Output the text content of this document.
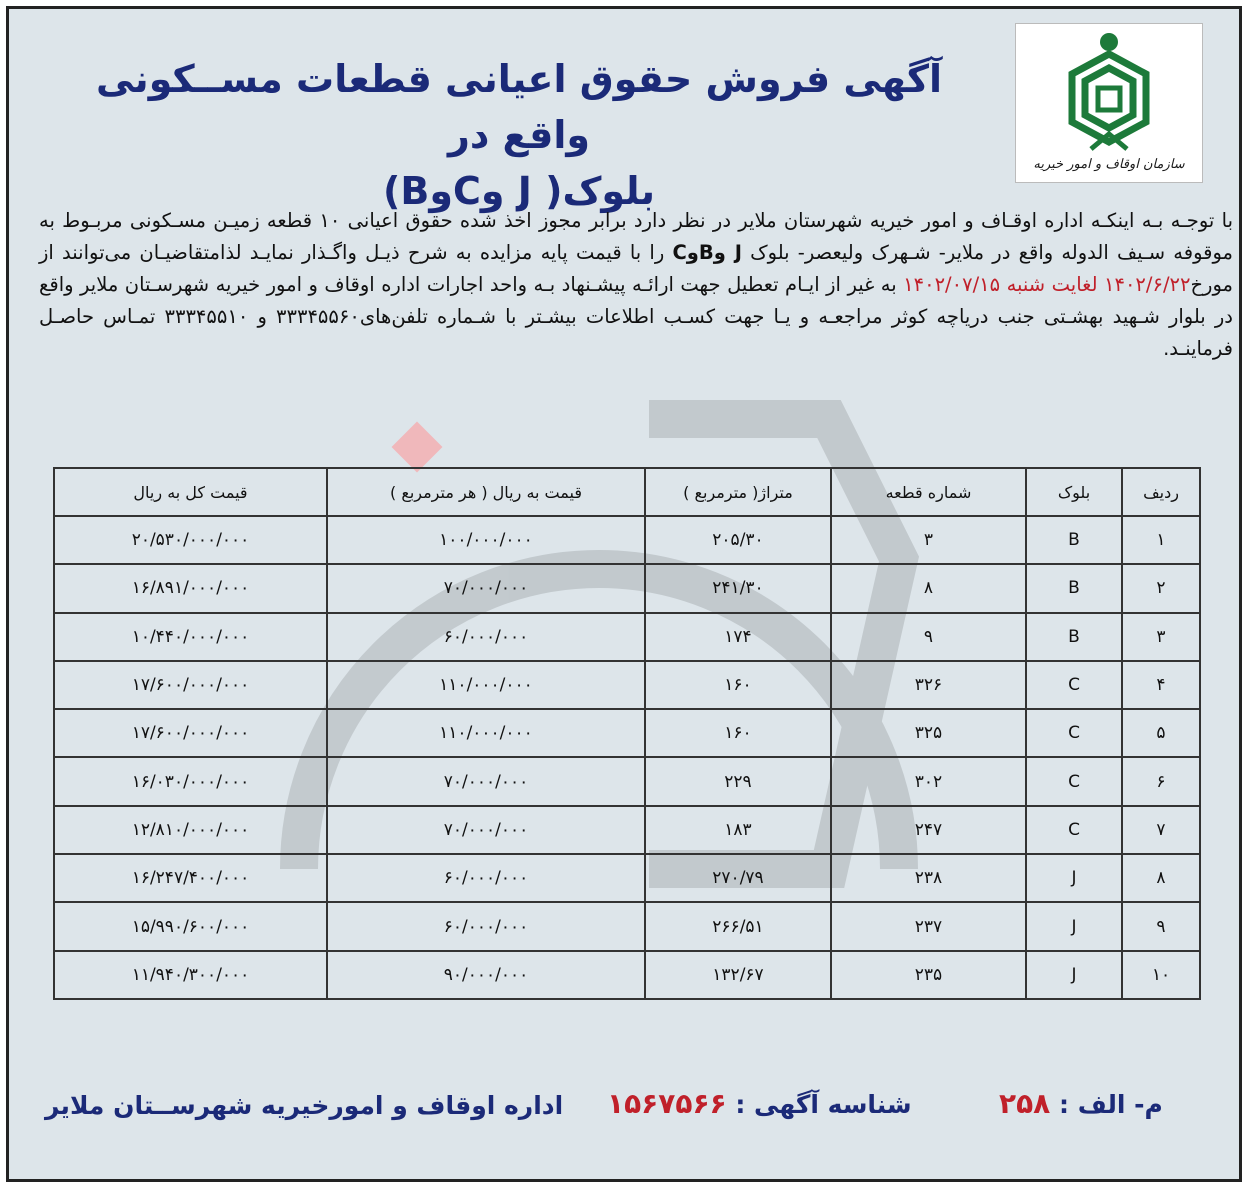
سازمان اوقاف و امور خیریه
آگهی فروش حقوق اعیانی قطعات مســکونی واقع در
بلوک( J وCوB)
با توجـه بـه اینکـه اداره اوقـاف و امور خیریه شهرستان ملایر در نظر دارد برابر مجوز اخذ شده حقوق اعیانی ۱۰ قطعه زمیـن مسـکونی مربـوط به موقوفه سـیف الدوله واقع در ملایر- شـهرک ولیعصر- بلوک J وBوC را با قیمت پایه مزایده به شرح ذیـل واگـذار نمایـد لذامتقاضیـان می‌توانند از مورخ۱۴۰۲/۶/۲۲ لغایت شنبه ۱۴۰۲/۰۷/۱۵ به غیر از ایـام تعطیل جهت ارائـه پیشـنهاد بـه واحد اجارات اداره اوقاف و امور خیریه شهرسـتان ملایر واقع در بلوار شـهید بهشـتی جنب دریاچه کوثر مراجعـه و یـا جهت کسـب اطلاعات بیشـتر با شـماره تلفن‌های۳۳۳۴۵۵۶۰ و ۳۳۳۴۵۵۱۰ تمـاس حاصـل فرماینـد.
ردیف	بلوک	شماره قطعه	متراژ( مترمربع )	قیمت به ریال ( هر مترمربع )	قیمت کل به ریال
۱	B	۳	۲۰۵/۳۰	۱۰۰/۰۰۰/۰۰۰	۲۰/۵۳۰/۰۰۰/۰۰۰
۲	B	۸	۲۴۱/۳۰	۷۰/۰۰۰/۰۰۰	۱۶/۸۹۱/۰۰۰/۰۰۰
۳	B	۹	۱۷۴	۶۰/۰۰۰/۰۰۰	۱۰/۴۴۰/۰۰۰/۰۰۰
۴	C	۳۲۶	۱۶۰	۱۱۰/۰۰۰/۰۰۰	۱۷/۶۰۰/۰۰۰/۰۰۰
۵	C	۳۲۵	۱۶۰	۱۱۰/۰۰۰/۰۰۰	۱۷/۶۰۰/۰۰۰/۰۰۰
۶	C	۳۰۲	۲۲۹	۷۰/۰۰۰/۰۰۰	۱۶/۰۳۰/۰۰۰/۰۰۰
۷	C	۲۴۷	۱۸۳	۷۰/۰۰۰/۰۰۰	۱۲/۸۱۰/۰۰۰/۰۰۰
۸	J	۲۳۸	۲۷۰/۷۹	۶۰/۰۰۰/۰۰۰	۱۶/۲۴۷/۴۰۰/۰۰۰
۹	J	۲۳۷	۲۶۶/۵۱	۶۰/۰۰۰/۰۰۰	۱۵/۹۹۰/۶۰۰/۰۰۰
۱۰	J	۲۳۵	۱۳۲/۶۷	۹۰/۰۰۰/۰۰۰	۱۱/۹۴۰/۳۰۰/۰۰۰
م- الف : ۲۵۸
شناسه آگهی : ۱۵۶۷۵۶۶
اداره اوقاف و امورخیریه شهرســتان ملایر
